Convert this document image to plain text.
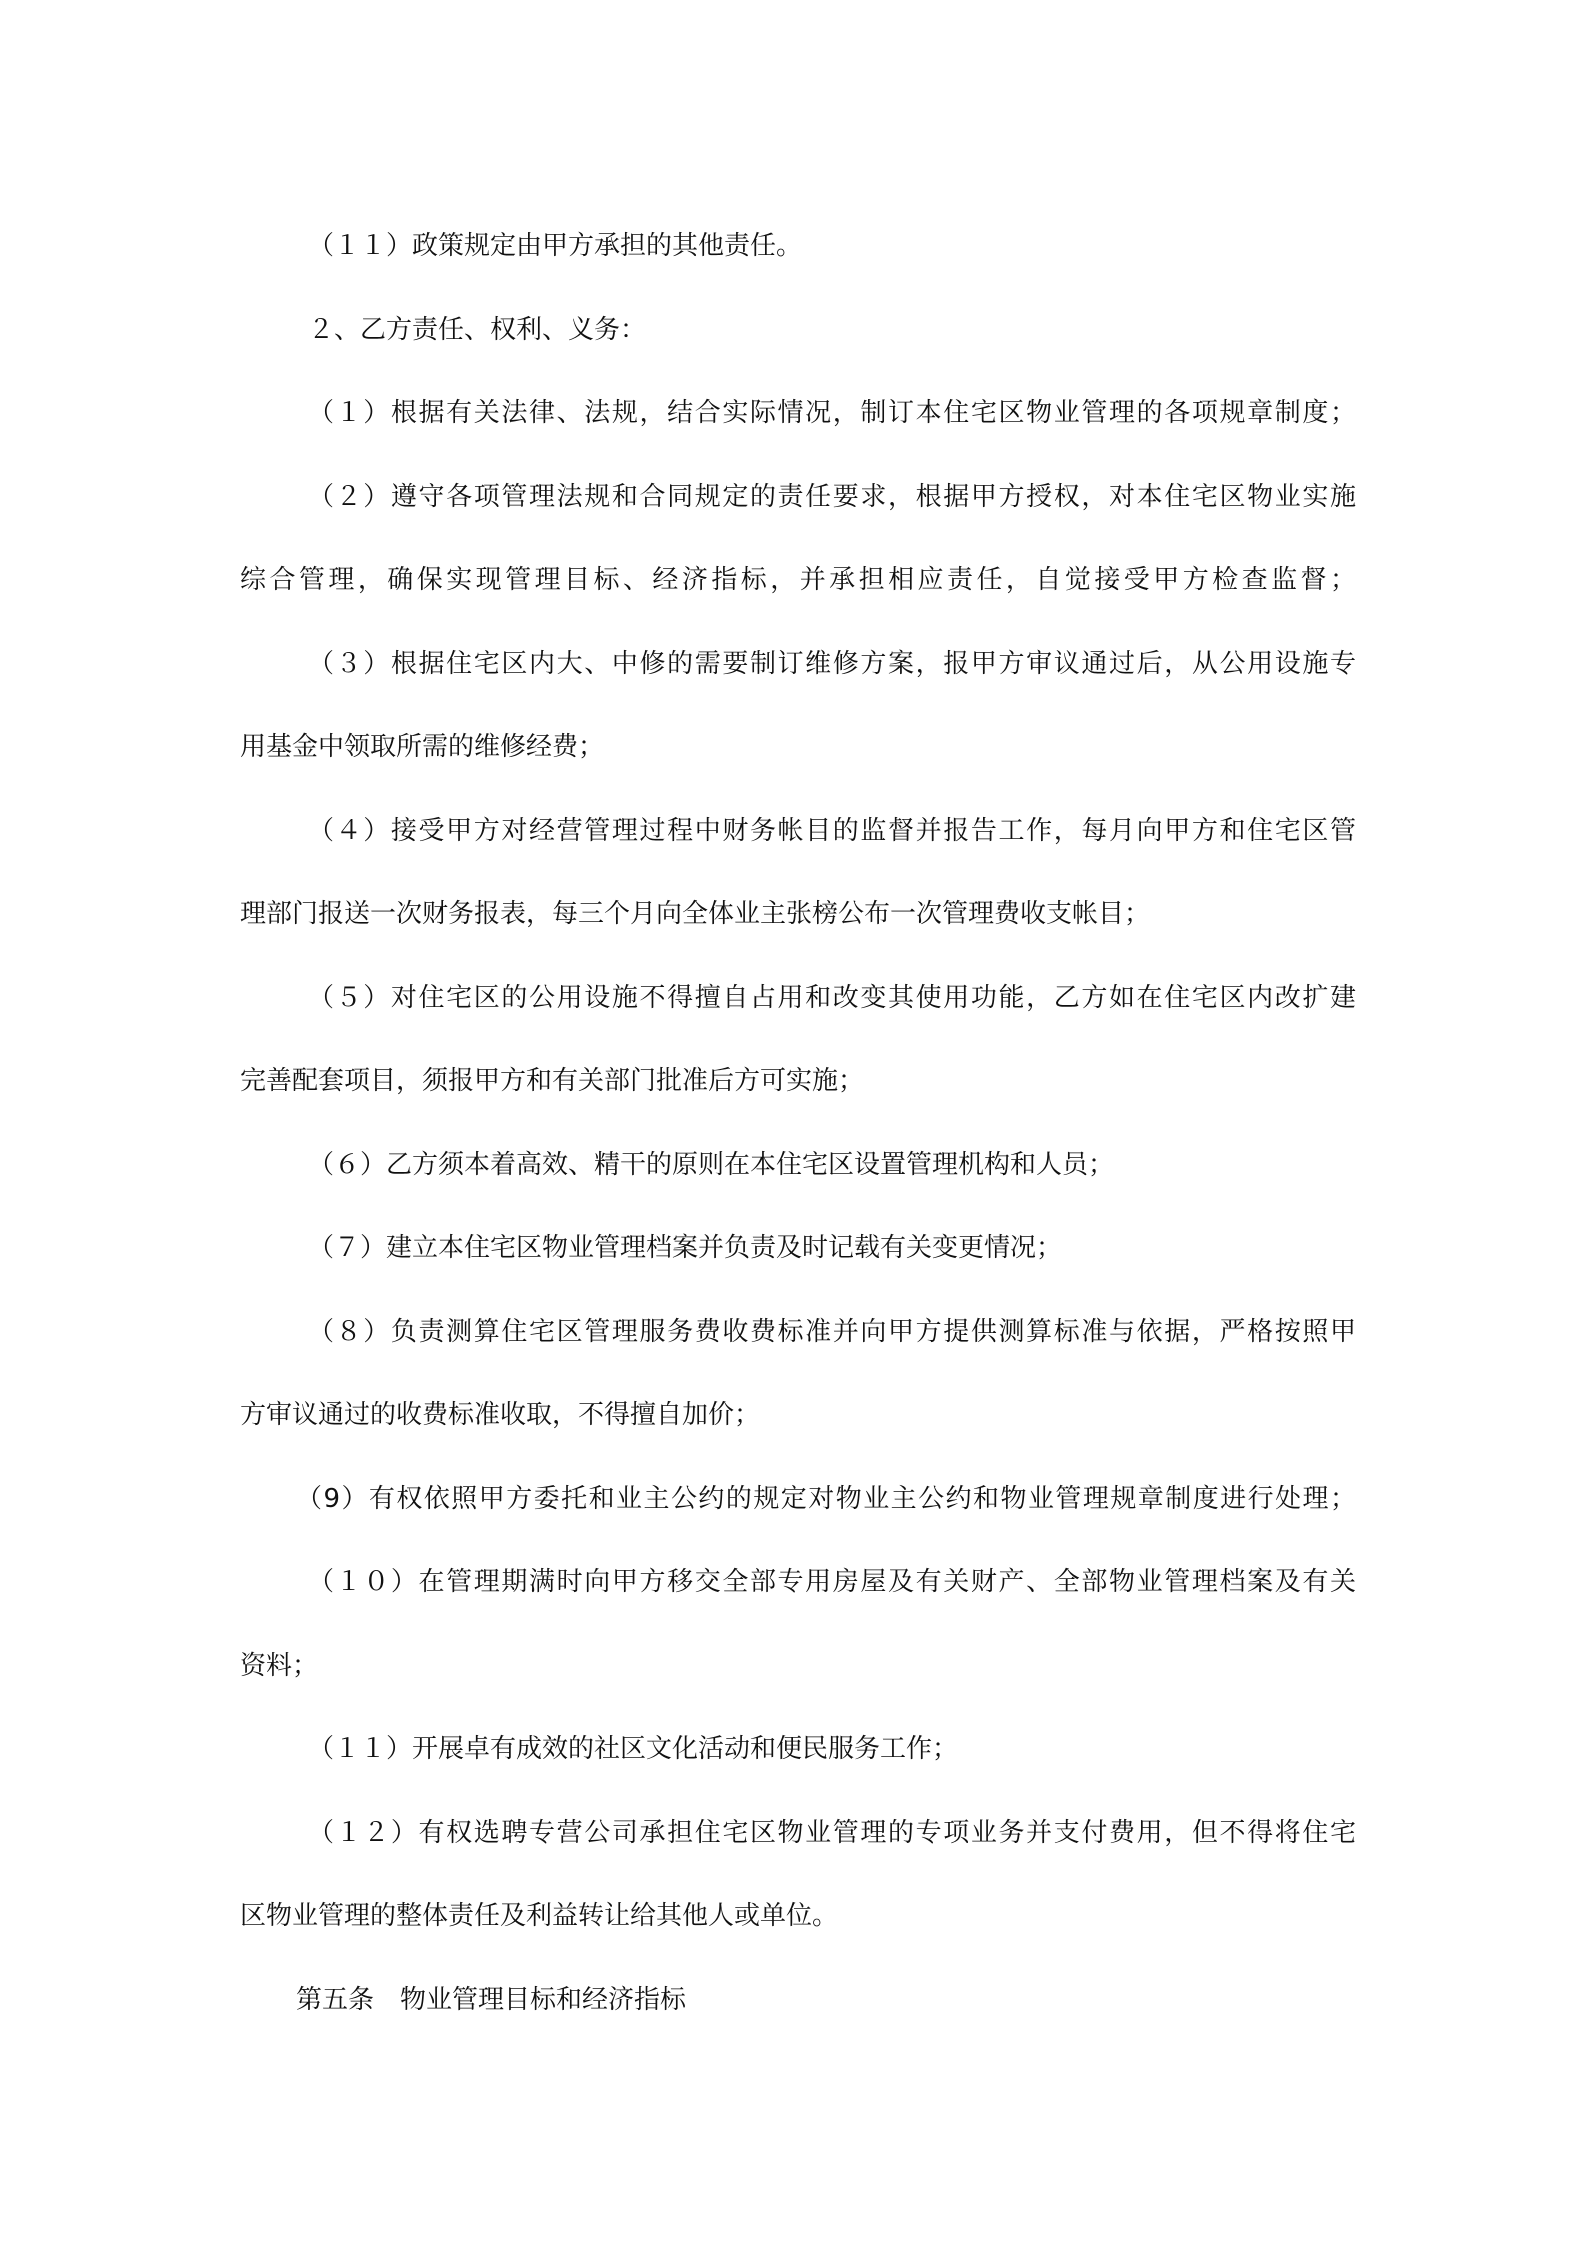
（１１）政策规定由甲方承担的其他责任。
２、乙方责任、权利、义务：
（１）根据有关法律、法规，结合实际情况，制订本住宅区物业管理的各项规章制度；
（２）遵守各项管理法规和合同规定的责任要求，根据甲方授权，对本住宅区物业实施
综合管理，确保实现管理目标、经济指标，并承担相应责任，自觉接受甲方检查监督；
（３）根据住宅区内大、中修的需要制订维修方案，报甲方审议通过后，从公用设施专
用基金中领取所需的维修经费；
（４）接受甲方对经营管理过程中财务帐目的监督并报告工作，每月向甲方和住宅区管
理部门报送一次财务报表，每三个月向全体业主张榜公布一次管理费收支帐目；
（５）对住宅区的公用设施不得擅自占用和改变其使用功能，乙方如在住宅区内改扩建
完善配套项目，须报甲方和有关部门批准后方可实施；
（６）乙方须本着高效、精干的原则在本住宅区设置管理机构和人员；
（７）建立本住宅区物业管理档案并负责及时记载有关变更情况；
（８）负责测算住宅区管理服务费收费标准并向甲方提供测算标准与依据，严格按照甲
方审议通过的收费标准收取，不得擅自加价；
（9）有权依照甲方委托和业主公约的规定对物业主公约和物业管理规章制度进行处理；
（１０）在管理期满时向甲方移交全部专用房屋及有关财产、全部物业管理档案及有关
资料；
（１１）开展卓有成效的社区文化活动和便民服务工作；
（１２）有权选聘专营公司承担住宅区物业管理的专项业务并支付费用，但不得将住宅
区物业管理的整体责任及利益转让给其他人或单位。
第五条　物业管理目标和经济指标
